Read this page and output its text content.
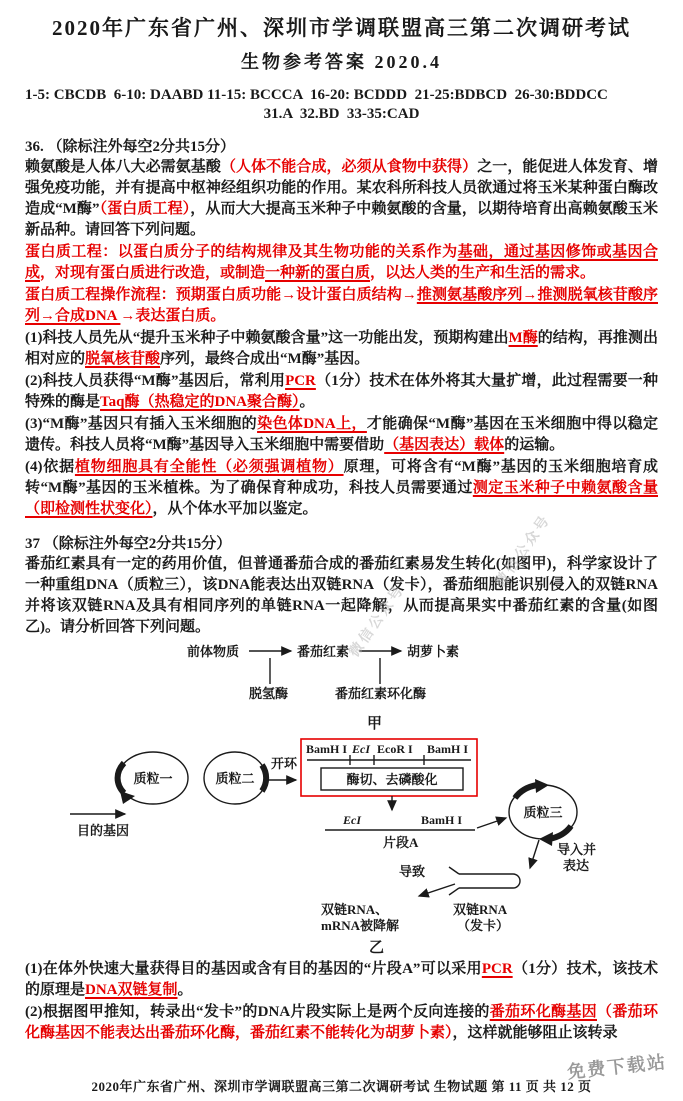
2020年广东省广州、深圳市学调联盟高三第二次调研考试
生物参考答案 2020.4
1-5: CBCDB  6-10: DAABD 11-15: BCCCA  16-20: BCDDD  21-25:BDBCD  26-30:BDDCC
31.A  32.BD  33-35:CAD
36. （除标注外每空2分共15分）

赖氨酸是人体八大必需氨基酸（人体不能合成，必须从食物中获得）之一，能促进人体发育、增强免疫功能，并有提高中枢神经组织功能的作用。某农科所科技人员欲通过将玉米某种蛋白酶改造成“M酶”（蛋白质工程），从而大大提高玉米种子中赖氨酸的含量，以期待培育出高赖氨酸玉米新品种。请回答下列问题。

蛋白质工程：以蛋白质分子的结构规律及其生物功能的关系作为基础，通过基因修饰或基因合成，对现有蛋白质进行改造，或制造一种新的蛋白质，以达人类的生产和生活的需求。

蛋白质工程操作流程：预期蛋白质功能→设计蛋白质结构→推测氨基酸序列→推测脱氧核苷酸序列→合成DNA →表达蛋白质。

(1)科技人员先从“提升玉米种子中赖氨酸含量”这一功能出发，预期构建出M酶的结构，再推测出相对应的脱氧核苷酸序列，最终合成出“M酶”基因。

(2)科技人员获得“M酶”基因后，常利用PCR（1分）技术在体外将其大量扩增，此过程需要一种特殊的酶是Taq酶（热稳定的DNA聚合酶）。

(3)“M酶”基因只有插入玉米细胞的染色体DNA上，才能确保“M酶”基因在玉米细胞中得以稳定遗传。科技人员将“M酶”基因导入玉米细胞中需要借助（基因表达）载体的运输。

(4)依据植物细胞具有全能性（必须强调植物）原理，可将含有“M酶”基因的玉米细胞培育成转“M酶”基因的玉米植株。为了确保育种成功，科技人员需要通过测定玉米种子中赖氨酸含量（即检测性状变化），从个体水平加以鉴定。

37 （除标注外每空2分共15分）

番茄红素具有一定的药用价值，但普通番茄合成的番茄红素易发生转化(如图甲)，科学家设计了一种重组DNA（质粒三），该DNA能表达出双链RNA（发卡），番茄细胞能识别侵入的双链RNA并将该双链RNA及具有相同序列的单链RNA一起降解，从而提高果实中番茄红素的含量(如图乙)。请分析回答下列问题。

前体物质	番茄红素	胡萝卜素
脱氢酶	番茄红素环化酶
甲
质粒一
目的基因
质粒二
开环
BamH I EcI EcoR I BamH I
酶切、去磷酸化
EcI	BamH I
片段A
质粒三
导入并
表达
双链RNA
（发卡）
导致
双链RNA、
mRNA被降解
乙

(1)在体外快速大量获得目的基因或含有目的基因的“片段A”可以采用PCR（1分）技术，该技术的原理是DNA双链复制。

(2)根据图甲推知，转录出“发卡”的DNA片段实际上是两个反向连接的番茄环化酶基因（番茄环化酶基因不能表达出番茄环化酶，番茄红素不能转化为胡萝卜素），这样就能够阻止该转录

2020年广东省广州、深圳市学调联盟高三第二次调研考试 生物试题 第 11 页 共 12 页
微信公众号
微信公众号
免费下载站
